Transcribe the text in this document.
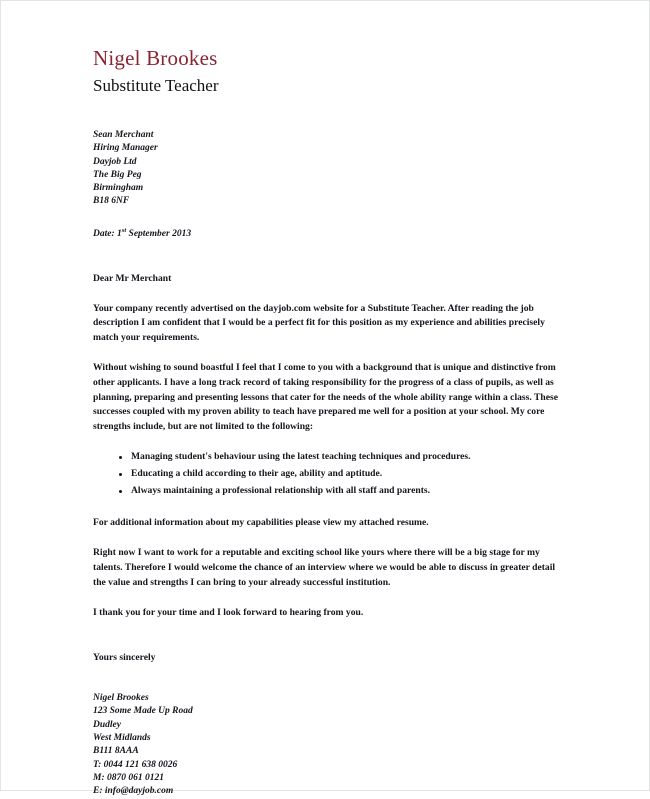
Nigel Brookes
Substitute Teacher
Sean Merchant
Hiring Manager
Dayjob Ltd
The Big Peg
Birmingham
B18 6NF
Date: 1st September 2013
Dear Mr Merchant

Your company recently advertised on the dayjob.com website for a Substitute Teacher. After reading the job description I am confident that I would be a perfect fit for this position as my experience and abilities precisely match your requirements.

Without wishing to sound boastful I feel that I come to you with a background that is unique and distinctive from other applicants. I have a long track record of taking responsibility for the progress of a class of pupils, as well as planning, preparing and presenting lessons that cater for the needs of the whole ability range within a class. These successes coupled with my proven ability to teach have prepared me well for a position at your school. My core strengths include, but are not limited to the following:

Managing student's behaviour using the latest teaching techniques and procedures.
Educating a child according to their age, ability and aptitude.
Always maintaining a professional relationship with all staff and parents.

For additional information about my capabilities please view my attached resume.

Right now I want to work for a reputable and exciting school like yours where there will be a big stage for my talents. Therefore I would welcome the chance of an interview where we would be able to discuss in greater detail the value and strengths I can bring to your already successful institution.

I thank you for your time and I look forward to hearing from you.

Yours sincerely
Nigel Brookes
123 Some Made Up Road
Dudley
West Midlands
B111 8AAA
T: 0044 121 638 0026
M: 0870 061 0121
E: info@dayjob.com
